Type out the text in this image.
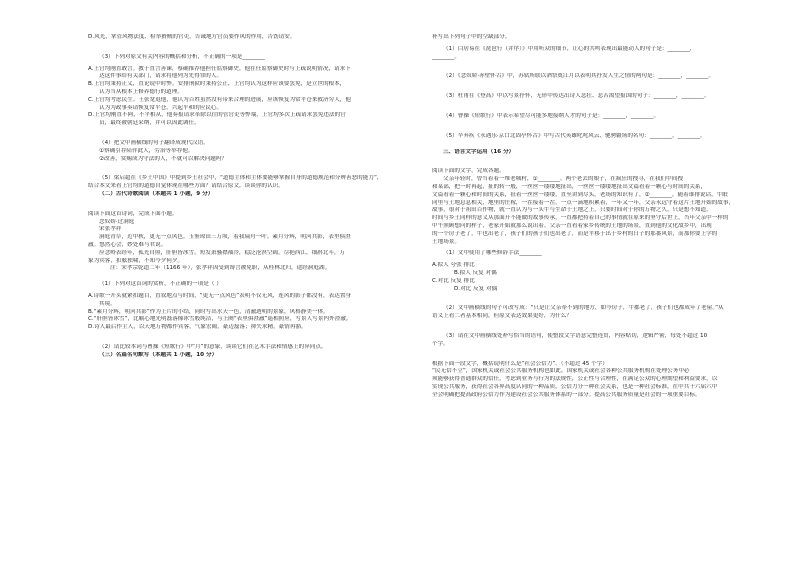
D.风光，掌管风物法度、检举猾贼的官吏，告诫地方官员要作风的作用，告饬请安。

（3）下列对原文有关内容的概括和分析，不正确的一项是________

A.上官均刚直敢言。教于直言善谏，蔡确推荐他担任监察御史，他在任监察御史时与上疏说明情况，请求下

达这件事给有关部门，请求将他列为先得罪的人。

B.上官均秉持正义，直论说中时弊。安排刑狱时秉持公正，上官均认为这样应该要罢免，是立世的根本，

认为当从根本上修养德行的道理。

C.上官均考虑民生。王张宽退他，他认为百姓虽然没有带来合理的进展，应该恢复为常平仓来救济穷人，他

认为为政事奏请恢复常平仓，兴起平和的应民心。

D.上官均刚直不阿，不平相从，他奏报请求革除以往的管官吏等弊端，上官均多次上疏请求罢免违法的官

员，最终被朝廷采纳，并可以因此调任。

（4）把文中画横线的句子翻译成现代汉语。

①察确引荐陪伴此人，劳治等举荐他。

②改善，赏赐成为守法的人，不就可以解决问题吗？

（5）梁启超在《乡土中国》中提到乡土社会中，“道德主体和主体要能够掌握自身的道德规范和分辨善恶的能力”，

结合本文来看上官均的道德自觉体现在哪些方面？请结合原文，谈谈你的认识。

（二）古代诗歌阅读（本题共 1 小题，9 分）

阅读下面这首诗词，完成下面小题。

念奴娇·过洞庭

宋张孝祥

洞庭青草，近中秋，更无一点风色。玉鉴琼田三万顷，着我扁舟一叶。素月分辉，明河共影，表里俱澄

澈。悠然心会，妙处难与君说。

应念岭表经年，孤光自照，肝胆皆冰雪。短发萧骚襟袖冷，稳泛沧溟空阔。尽挹西江，细斟北斗，万

象为宾客，扣舷独啸，不知今夕何夕。

注：宋孝宗乾道二年（1166 年），张孝祥因受到谗言被免职，从桂林北归，途经洞庭湖。

（1）下列对这首词的赏析，不正确的一项是（ ）

A.诗歌一开头就紧扣题目，直叙地点与时间，“更无一点风色”表明不仅无风，连风的影子都没有，表达置身

其境。

B.“素月分辉，明河共影”作为上片的小结，同时写出水天一色，清澈透明的景象，风格静美一体。

C.“肝胆皆冰雪”，比喻心地光明磊落像冰雪般纯洁，与上阕“表里俱澄澈”遥相照应，写景人写景内外澄澈。

D.诗人最后作主人，以天地万物都作宾客，气象宏阔，豪迈磊落；抑失求精，豪情再豁。

（2）请比较本词与曹操《短歌行》中“月”的意象，谈谈它们在艺术手法和情感上的异同点。

（三）名篇名句默写（本题共 1 小题，10 分）

补写出下列句子中的空缺部分。

（1）白居易在《琵琶行（并序）》中用听众的细节，让心的共鸣表现出最能动人的句子是：________，

________。

（2）《念奴娇·赤壁怀古》中，苏轼所联以酒祭奠江月以表明其抒发人生之情的两句是：________，________。

（3）杜甫在《登高》中以写景抒怀，无形中传达出诗人悲壮、悲苦渴望报国的句子：________，________。

（4）曹操《短歌行》中表示希望尽可能多地接纳人才的句子是：________，________。

（5）辛弃疾《永遇乐·京口北固亭怀古》中写古代英雄叱咤风云、驰骋疆场的名句：________，________。

三、语言文字运用（16 分）

阅读下面的文字，完成各题。

父亲年轻时，曾当着着一堆老城村，①________。两个老去的娘子，在疯狂的搜寻，在我们中间搜

和某部，把一时再起，扯的转一般，一丝丝一缕缕地扯出，一丝丝一缕缕地扯出文篇看着一颗心与时间的关系，

文篇看着一颗心和时间的关系，扯着一丝丝一缕缕，直至讲到尽头。老场的知识有了，②________，随着谁排说话，牛眠

同里与土地息息相关，地里的庄稼，一茬接着一茬，一点一滴地积累着，一年又一年，父亲永远守着这片土地开始的故事，

故事，很对于祖田百作物，就一直认为与一头牛与生命于土地之上，只要时间对于你的万物之久。只是想不知道，

时间与乡土同样的意义从那面开不能做的故事传承，一直都把持着自己的事情就在原来的坚守后世上，当年父亲中一样的

中午照顾想问的样子，老家开始就那么说出着。父亲一直看着家乡传统的土地的场景，直到他的文化故乡中，出现

的一个房子老了，牛也出老了，孩子们的孩子们也出老了，而是平移于出于乡村的日子的那番风景，而那你要上学的

土地场景。

（1）文中使用了哪些修辞手法________

A.拟人 夸张 排比

B.拟人 反复 对偶

C.对比 反复 排比

D.对比 反复 对偶

（2）文中画横线的句子可改写成：“只是让父亲牵不到的地方，如今房子，牛都老了，孩子们也都成年了老屋。”从

语义上看二者基本相同，但原文表达效果更好，为什么？

（3）请在文中画横线处补写恰当的语句，使整段文字语意完整连贯，内容贴切，逻辑严密，每处不超过 10

个字。

根据下面一段文字，概括说明什么是“社会公信力”。（不超过 45 个字）

“民无信不立”，国家机关或社会公共服务机构也如此。国家机关或社会各种公共服务机构在处理公务中必

须能够获得普通群众的信任，考虑到业务与行为的法规性，公正性与合理性，在满足公众的心理期望和利益要求，以

实现公共服务，获得社会各界高度认同的一种品质，公信力分一种社会关系，也是一种社会标准，在中共十六届六中

全会明确把提高政府公信力作为建设社会公共服务体系的一部分。提高公共服务质量是社会的一项重要目标。
